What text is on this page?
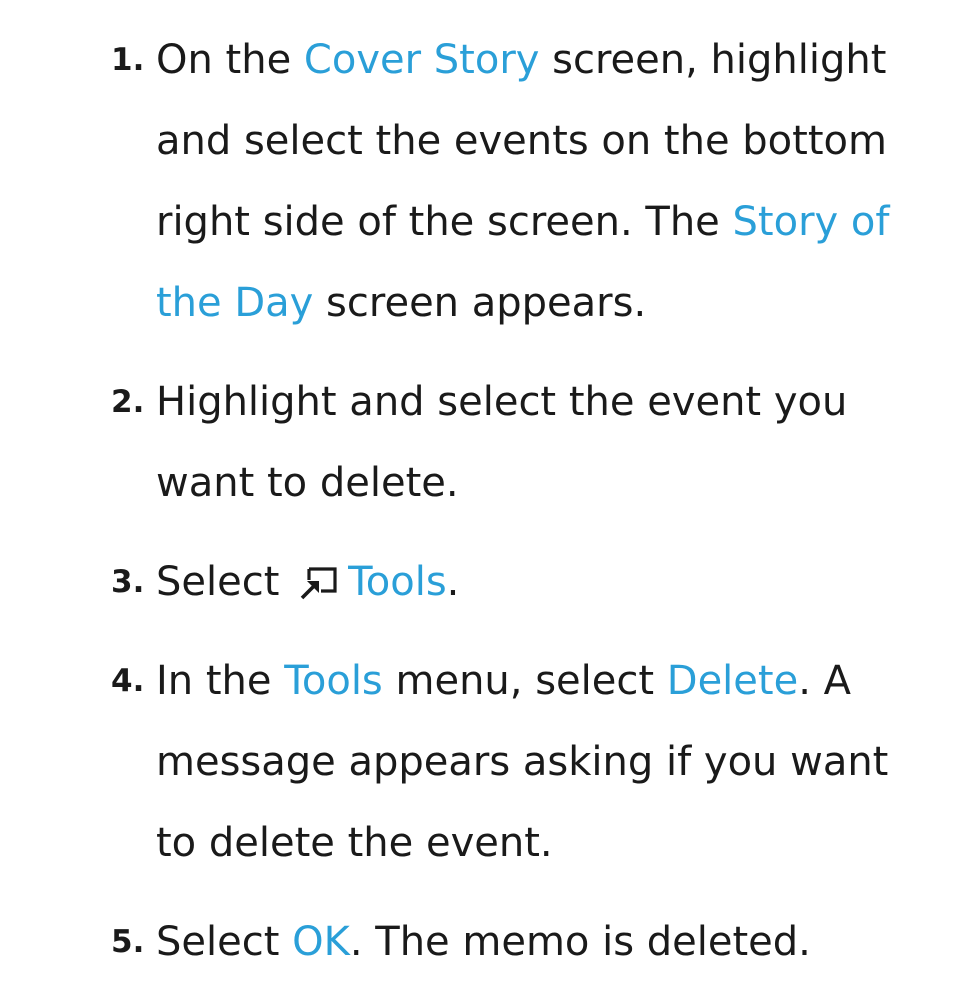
1. On the Cover Story screen, highlight and select the events on the bottom right side of the screen. The Story of the Day screen appears.
2. Highlight and select the event you want to delete.
3. Select
Tools.
4. In the Tools menu, select Delete. A message appears asking if you want to delete the event.
5. Select OK. The memo is deleted.
